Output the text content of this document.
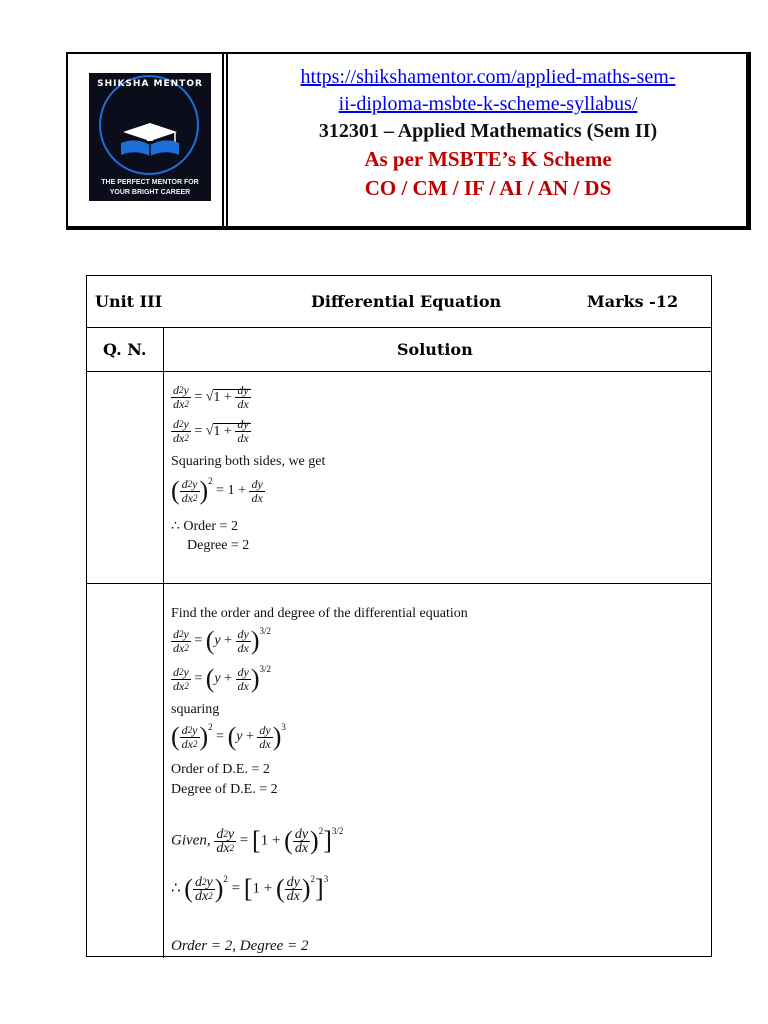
SHIKSHA MENTOR
THE PERFECT MENTOR FOR
YOUR BRIGHT CAREER
https://shikshamentor.com/applied-maths-sem-
ii-diploma-msbte-k-scheme-syllabus/
312301 – Applied Mathematics (Sem II)
As per MSBTE’s K Scheme
CO / CM / IF / AI / AN / DS
Unit III	Differential Equation	Marks -12
Q. N.	Solution
$\frac{d^2y}{dx^2} = √1 + \frac{dy}{dx}$
$\frac{d^2y}{dx^2} = √1 + \frac{dy}{dx}$
Squaring both sides, we get
( $\frac{d^2y}{dx^2} )^2 = 1 + \frac{dy}{dx}$
∴ Order = 2
Degree = 2
Find the order and degree of the differential equation
$\frac{d^2y}{dx^2} = (y + \frac{dy}{dx} )^{3/2}$
$\frac{d^2y}{dx^2} = (y + \frac{dy}{dx} )^{3/2}$
squaring
( $\frac{d^2y}{dx^2} )^2 = (y + \frac{dy}{dx} )^3$
Order of D.E. = 2
Degree of D.E. = 2
Given, $\frac{d^2y}{dx^2} = [1$ + ( $\frac{dy}{dx} )^2]^{3/2}$
∴ ( $\frac{d^2y}{dx^2} )^2 = [1$ + ( $\frac{dy}{dx} )^2]^3$
Order = 2, Degree = 2
